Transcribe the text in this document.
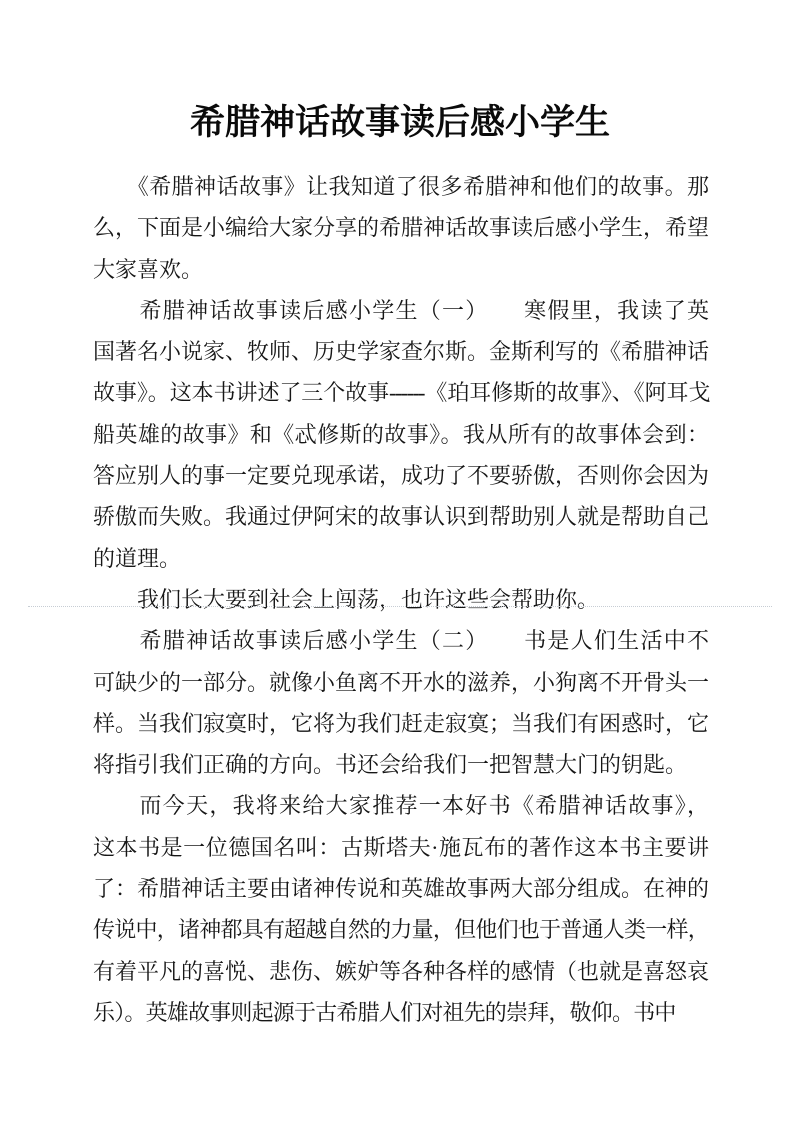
希腊神话故事读后感小学生
　　《希腊神话故事》让我知道了很多希腊神和他们的故事。那
么，下面是小编给大家分享的希腊神话故事读后感小学生，希望
大家喜欢。
　　希腊神话故事读后感小学生（一）　　寒假里，我读了英
国著名小说家、牧师、历史学家查尔斯。金斯利写的《希腊神话
故事》。这本书讲述了三个故事------《珀耳修斯的故事》、《阿耳戈
船英雄的故事》和《忒修斯的故事》。我从所有的故事体会到：
答应别人的事一定要兑现承诺，成功了不要骄傲，否则你会因为
骄傲而失败。我通过伊阿宋的故事认识到帮助别人就是帮助自己
的道理。
　　我们长大要到社会上闯荡，也许这些会帮助你。
　　希腊神话故事读后感小学生（二）　　书是人们生活中不
可缺少的一部分。就像小鱼离不开水的滋养，小狗离不开骨头一
样。当我们寂寞时，它将为我们赶走寂寞；当我们有困惑时，它
将指引我们正确的方向。书还会给我们一把智慧大门的钥匙。
　　而今天，我将来给大家推荐一本好书《希腊神话故事》，
这本书是一位德国名叫：古斯塔夫·施瓦布的著作这本书主要讲
了：希腊神话主要由诸神传说和英雄故事两大部分组成。在神的
传说中，诸神都具有超越自然的力量，但他们也于普通人类一样，
有着平凡的喜悦、悲伤、嫉妒等各种各样的感情（也就是喜怒哀
乐）。英雄故事则起源于古希腊人们对祖先的崇拜，敬仰。书中
